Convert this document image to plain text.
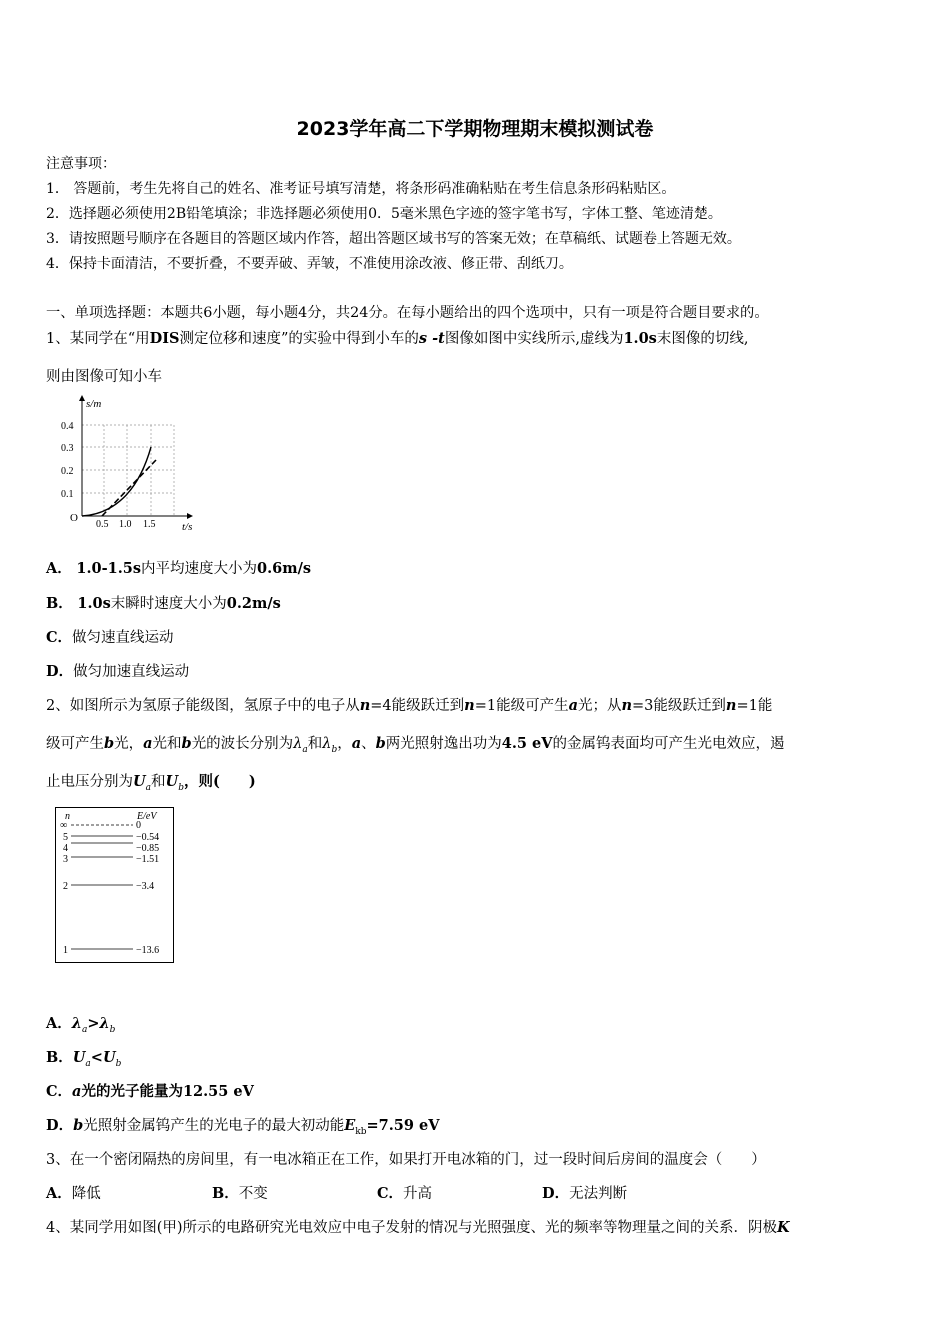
2023学年高二下学期物理期末模拟测试卷
注意事项：
1． 答题前，考生先将自己的姓名、准考证号填写清楚，将条形码准确粘贴在考生信息条形码粘贴区。
2．选择题必须使用2B铅笔填涂；非选择题必须使用0．5毫米黑色字迹的签字笔书写，字体工整、笔迹清楚。
3．请按照题号顺序在各题目的答题区域内作答，超出答题区域书写的答案无效；在草稿纸、试题卷上答题无效。
4．保持卡面清洁，不要折叠，不要弄破、弄皱，不准使用涂改液、修正带、刮纸刀。
一、单项选择题：本题共6小题，每小题4分，共24分。在每小题给出的四个选项中，只有一项是符合题目要求的。
1、某同学在“用DIS测定位移和速度”的实验中得到小车的s -t图像如图中实线所示,虚线为1.0s末图像的切线,
则由图像可知小车
s/m
t/s
O
0.4
0.3
0.2
0.1
0.5 1.0 1.5
A． 1.0-1.5s内平均速度大小为0.6m/s
B． 1.0s末瞬时速度大小为0.2m/s
C．做匀速直线运动
D．做匀加速直线运动
2、如图所示为氢原子能级图，氢原子中的电子从n=4能级跃迁到n=1能级可产生a光；从n=3能级跃迁到n=1能
级可产生b光，a光和b光的波长分别为$\lambda_a$和$\lambda_b$，a、b两光照射逸出功为4.5 eV的金属钨表面均可产生光电效应，遏
止电压分别为$U_a$和$U_b$，则(　　)
n	E/eV
∞	0
5	−0.54
4	−0.85
3	−1.51
2	−3.4
1	−13.6
A．$\lambda_a>\lambda_b$
B．$U_a<U_b$
C．a光的光子能量为12.55 eV
D．b光照射金属钨产生的光电子的最大初动能$E_{kb}=7.59$ eV
3、在一个密闭隔热的房间里，有一电冰箱正在工作，如果打开电冰箱的门，过一段时间后房间的温度会（　　）
A．降低	B．不变	C．升高	D．无法判断
4、某同学用如图(甲)所示的电路研究光电效应中电子发射的情况与光照强度、光的频率等物理量之间的关系．阴极K
